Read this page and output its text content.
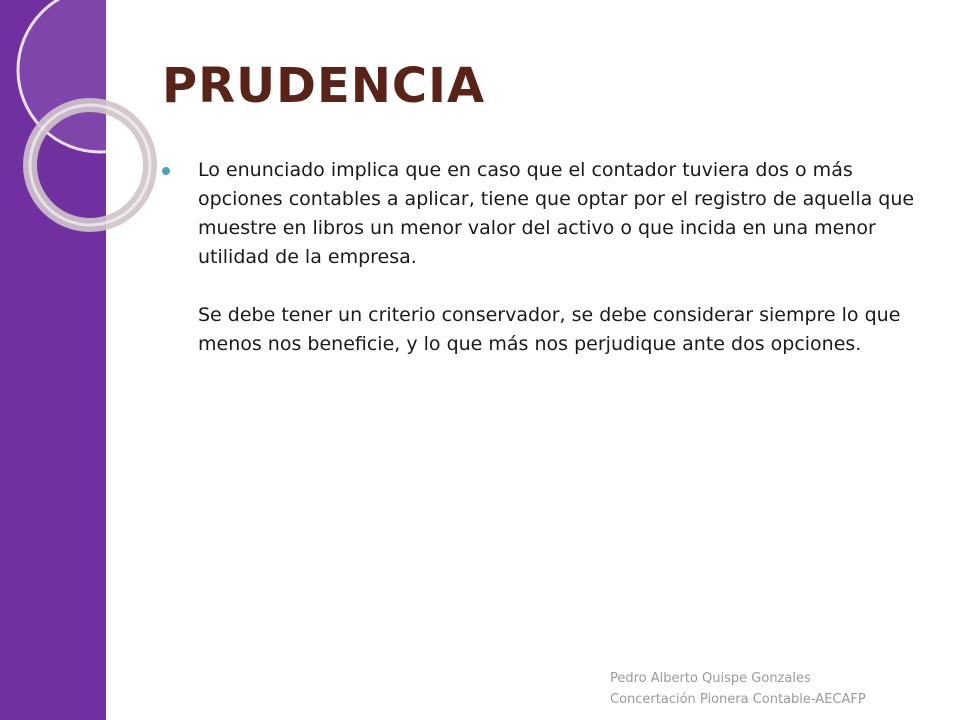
PRUDENCIA

Lo enunciado implica que en caso que el contador tuviera dos o más opciones contables a aplicar, tiene que optar por el registro de aquella que muestre en libros un menor valor del activo o que incida en una menor utilidad de la empresa.

Se debe tener un criterio conservador, se debe considerar siempre lo que menos nos beneficie, y lo que más nos perjudique ante dos opciones.

Pedro Alberto Quispe Gonzales
Concertación Pionera Contable-AECAFP
